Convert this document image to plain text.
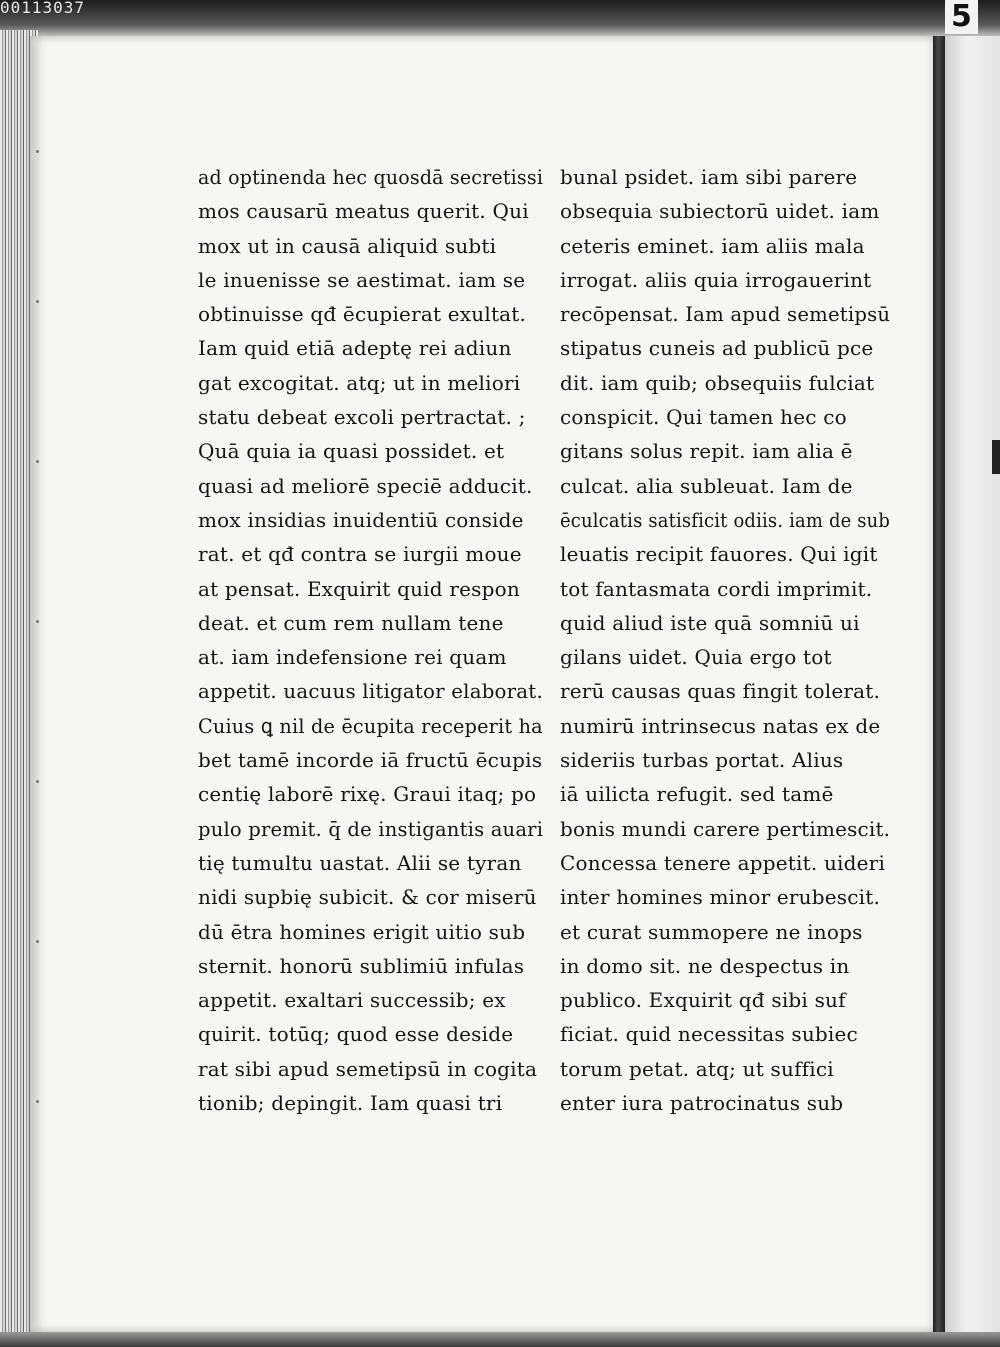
00113037	5
ad optinenda hec quosdā secretissi
mos causarū meatus querit. Qui
mox ut in causā aliquid subti
le inuenisse se aestimat. iam se
obtinuisse qđ ēcupierat exultat.
Iam quid etiā adeptę rei adiun
gat excogitat. atq; ut in meliori
statu debeat excoli pertractat. ;
Quā quia ia quasi possidet. et
quasi ad meliorē speciē adducit.
mox insidias inuidentiū conside
rat. et qđ contra se iurgii moue
at pensat. Exquirit quid respon
deat. et cum rem nullam tene
at. iam indefensione rei quam
appetit. uacuus litigator elaborat.
Cuius ꝗ nil de ēcupita receperit ha
bet tamē incorde iā fructū ēcupis
centię laborē rixę. Graui itaq; po
pulo premit. q̄ de instigantis auari
tię tumultu uastat. Alii se tyran
nidi supbię subicit. & cor miserū
dū ētra homines erigit uitio sub
sternit. honorū sublimiū infulas
appetit. exaltari successib; ex
quirit. totūq; quod esse deside
rat sibi apud semetipsū in cogita
tionib; depingit. Iam quasi tri
bunal psidet. iam sibi parere
obsequia subiectorū uidet. iam
ceteris eminet. iam aliis mala
irrogat. aliis quia irrogauerint
recōpensat. Iam apud semetipsū
stipatus cuneis ad publicū pce
dit. iam quib; obsequiis fulciat
conspicit. Qui tamen hec co
gitans solus repit. iam alia ē
culcat. alia subleuat. Iam de
ēculcatis satisficit odiis. iam de sub
leuatis recipit fauores. Qui igit
tot fantasmata cordi imprimit.
quid aliud iste quā somniū ui
gilans uidet. Quia ergo tot
rerū causas quas fingit tolerat.
numirū intrinsecus natas ex de
sideriis turbas portat. Alius
iā uilicta refugit. sed tamē
bonis mundi carere pertimescit.
Concessa tenere appetit. uideri
inter homines minor erubescit.
et curat summopere ne inops
in domo sit. ne despectus in
publico. Exquirit qđ sibi suf
ficiat. quid necessitas subiec
torum petat. atq; ut suffici
enter iura patrocinatus sub
